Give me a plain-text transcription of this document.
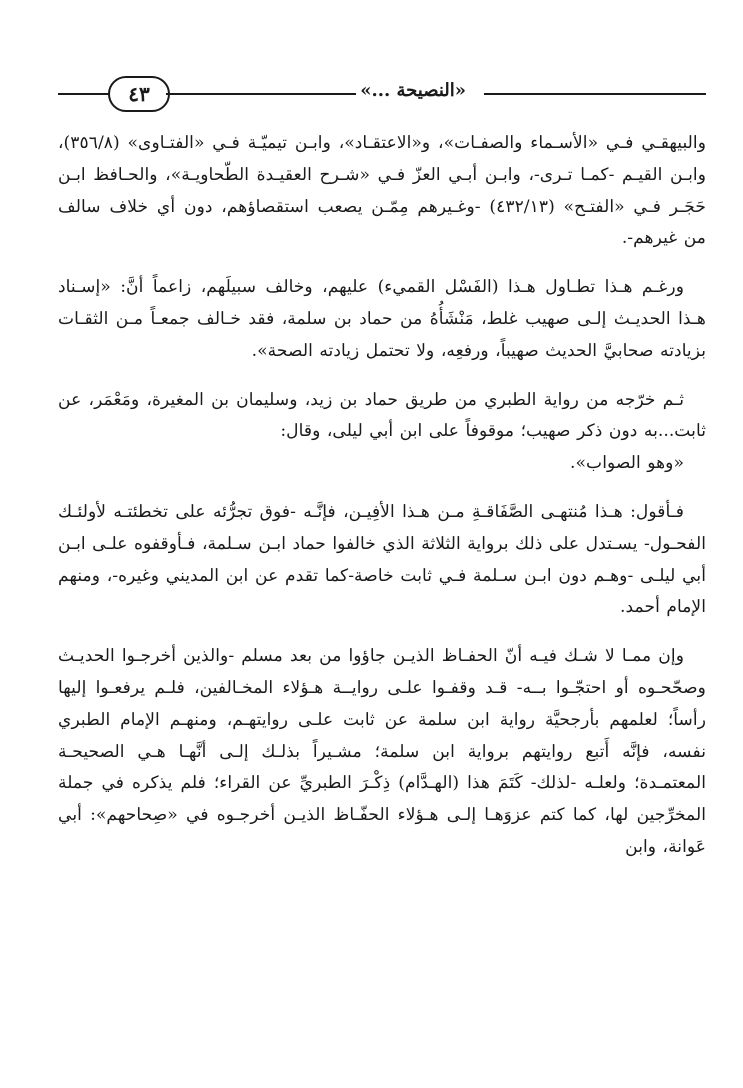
«النصيحة ...»
٤٣

والبيهقـي فـي «الأسـماء والصفـات»، و«الاعتقـاد»، وابـن تيميّـة فـي «الفتـاوى» (٣٥٦/٨)، وابـن القيـم -كمـا تـرى-، وابـن أبـي العزّ فـي «شـرح العقيـدة الطّحاويـة»، والحـافظ ابـن حَجَـر فـي «الفتـح» (٤٣٢/١٣) -وغـيرهم مِمّـن يصعب استقصاؤهم، دون أي خلاف سالف من غيرهم-.

ورغـم هـذا تطـاول هـذا (الفَسْل القميء) عليهم، وخالف سبيلَهم، زاعماً أنَّ: «إسـناد هـذا الحديـث إلـى صهيب غلط، مَنْشَأُهُ من حماد بن سلمة، فقد خـالف جمعـاً مـن الثقـات بزيادته صحابيَّ الحديث صهيباً، ورفعِه، ولا تحتمل زيادته الصحة».

ثـم خرّجه من رواية الطبري من طريق حماد بن زيد، وسليمان بن المغيرة، ومَعْمَر، عن ثابت...به دون ذكر صهيب؛ موقوفاً على ابن أبي ليلى، وقال:

«وهو الصواب».

فـأقول: هـذا مُنتهـى الصَّفَاقـةِ مـن هـذا الأفِيـن، فإنَّـه -فوق تجرُّئه على تخطئتـه لأولئـك الفحـول- يسـتدل على ذلك برواية الثلاثة الذي خالفوا حماد ابـن سـلمة، فـأوقفوه علـى ابـن أبي ليلـى -وهـم دون ابـن سـلمة فـي ثابت خاصة-كما تقدم عن ابن المديني وغيره-، ومنهم الإمام أحمد.

وإن ممـا لا شـك فيـه أنّ الحفـاظ الذيـن جاؤوا من بعد مسلم -والذين أخرجـوا الحديـث وصحّحـوه أو احتجّـوا بــه- قـد وقفـوا علـى روايــة هـؤلاء المخـالفين، فلـم يرفعـوا إليها رأساً؛ لعلمهم بأرجحيَّة رواية ابن سلمة عن ثابت علـى روايتهـم، ومنهـم الإمام الطبري نفسه، فإنَّه أَتبع روايتهم برواية ابن سلمة؛ مشـيراً بذلـك إلـى أنَّهـا هـي الصحيحـة المعتمـدة؛ ولعلـه -لذلك- كَتَمَ هذا (الهـدَّام) ذِكْـرَ الطبريِّ عن القراء؛ فلم يذكره في جملة المخرِّجين لها، كما كتم عزوَهـا إلـى هـؤلاء الحفّـاظ الذيـن أخرجـوه في «صِحاحهم»: أبي عَوانة، وابن
